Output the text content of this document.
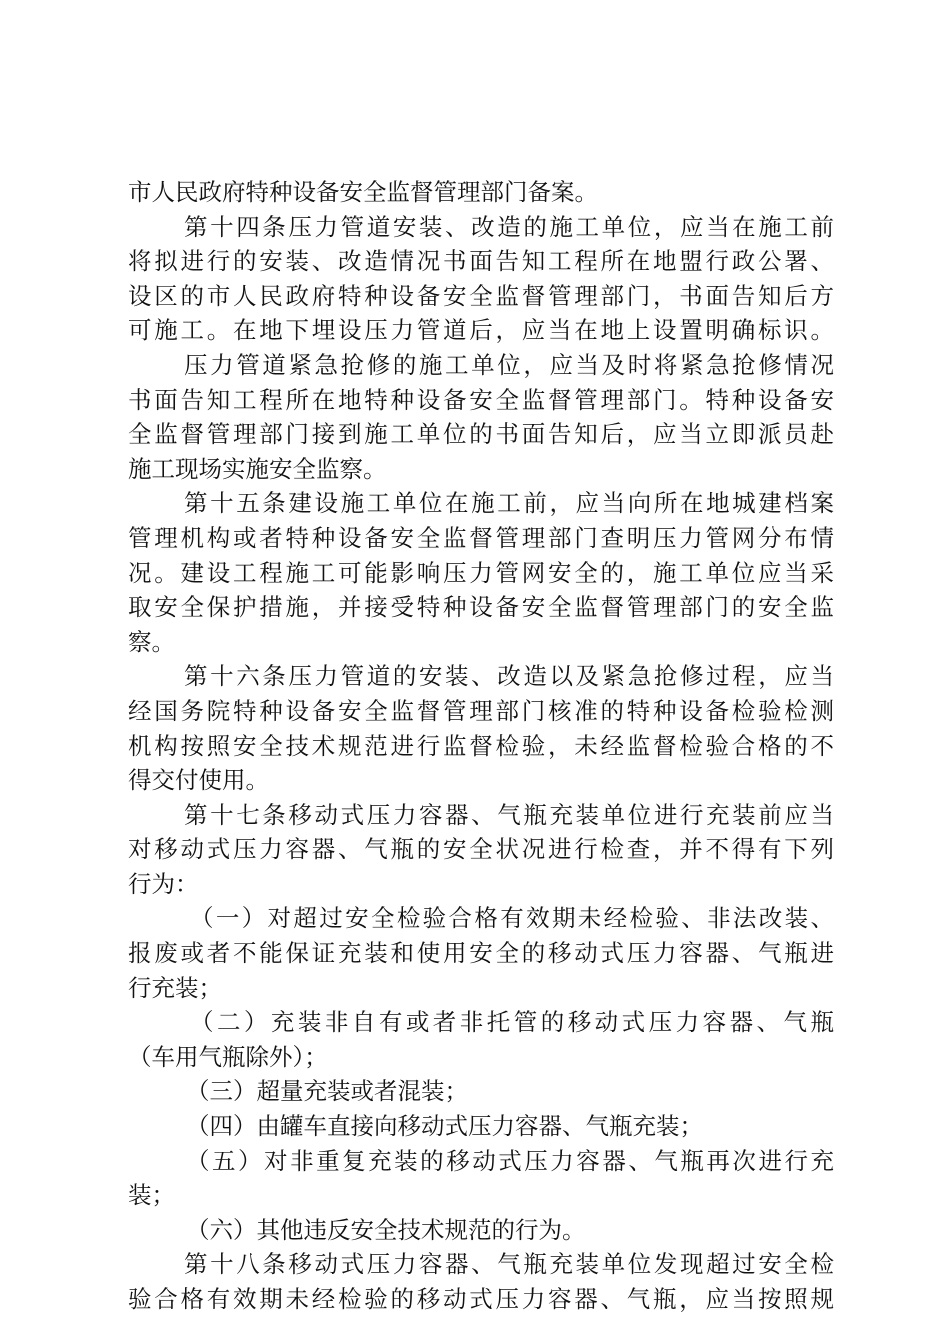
市人民政府特种设备安全监督管理部门备案。
第十四条压力管道安装、改造的施工单位，应当在施工前
将拟进行的安装、改造情况书面告知工程所在地盟行政公署、
设区的市人民政府特种设备安全监督管理部门，书面告知后方
可施工。在地下埋设压力管道后，应当在地上设置明确标识。
压力管道紧急抢修的施工单位，应当及时将紧急抢修情况
书面告知工程所在地特种设备安全监督管理部门。特种设备安
全监督管理部门接到施工单位的书面告知后，应当立即派员赴
施工现场实施安全监察。
第十五条建设施工单位在施工前，应当向所在地城建档案
管理机构或者特种设备安全监督管理部门查明压力管网分布情
况。建设工程施工可能影响压力管网安全的，施工单位应当采
取安全保护措施，并接受特种设备安全监督管理部门的安全监
察。
第十六条压力管道的安装、改造以及紧急抢修过程，应当
经国务院特种设备安全监督管理部门核准的特种设备检验检测
机构按照安全技术规范进行监督检验，未经监督检验合格的不
得交付使用。
第十七条移动式压力容器、气瓶充装单位进行充装前应当
对移动式压力容器、气瓶的安全状况进行检查，并不得有下列
行为：
（一）对超过安全检验合格有效期未经检验、非法改装、
报废或者不能保证充装和使用安全的移动式压力容器、气瓶进
行充装；
（二）充装非自有或者非托管的移动式压力容器、气瓶
（车用气瓶除外）；
（三）超量充装或者混装；
（四）由罐车直接向移动式压力容器、气瓶充装；
（五）对非重复充装的移动式压力容器、气瓶再次进行充
装；
（六）其他违反安全技术规范的行为。
第十八条移动式压力容器、气瓶充装单位发现超过安全检
验合格有效期未经检验的移动式压力容器、气瓶，应当按照规
